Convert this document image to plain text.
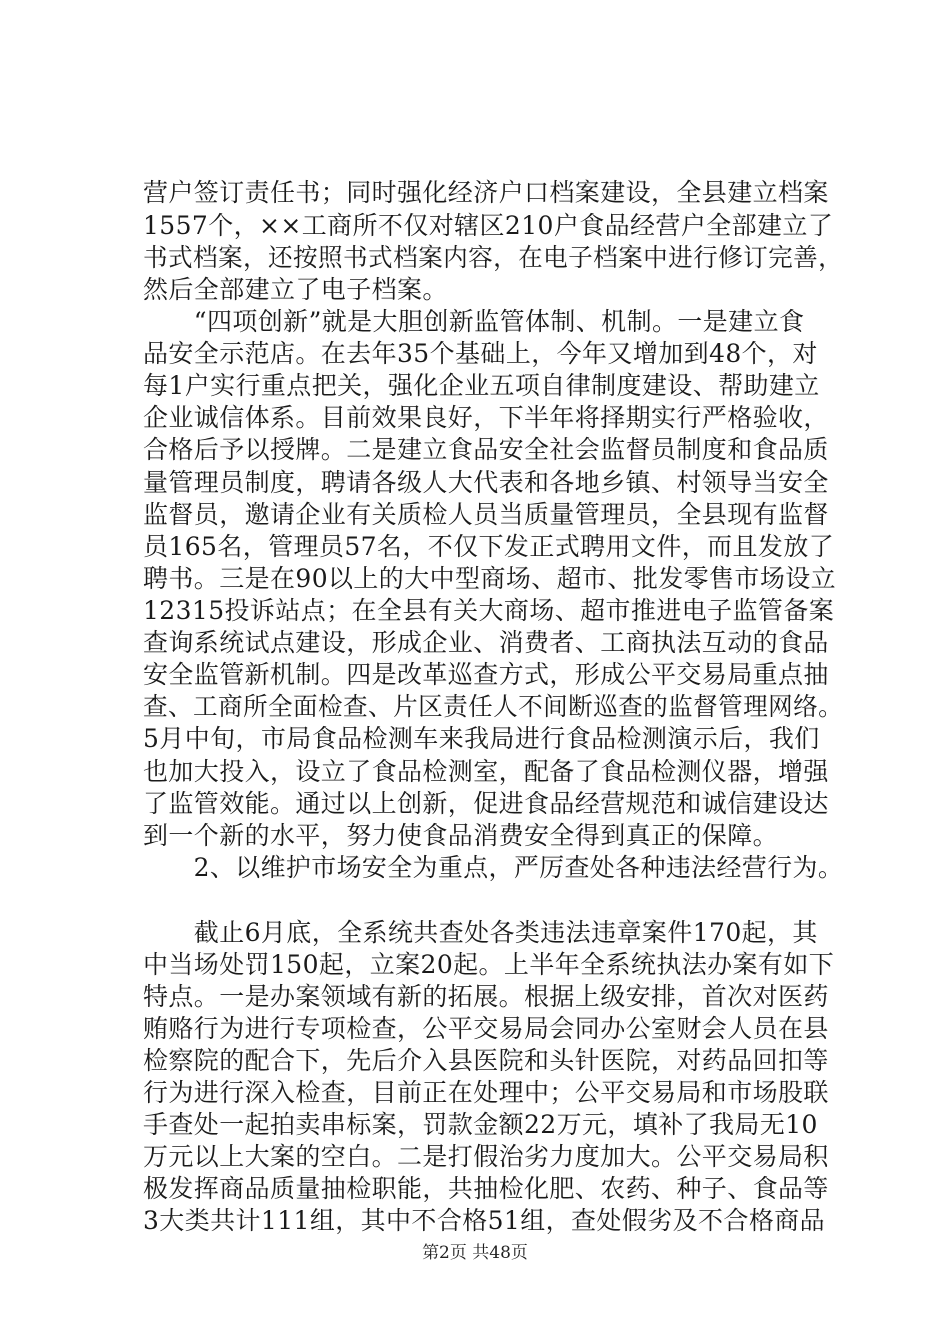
营户签订责任书；同时强化经济户口档案建设，全县建立档案
1557个，××工商所不仅对辖区210户食品经营户全部建立了
书式档案，还按照书式档案内容，在电子档案中进行修订完善，
然后全部建立了电子档案。
　　“四项创新”就是大胆创新监管体制、机制。一是建立食
品安全示范店。在去年35个基础上，今年又增加到48个，对
每1户实行重点把关，强化企业五项自律制度建设、帮助建立
企业诚信体系。目前效果良好，下半年将择期实行严格验收，
合格后予以授牌。二是建立食品安全社会监督员制度和食品质
量管理员制度，聘请各级人大代表和各地乡镇、村领导当安全
监督员，邀请企业有关质检人员当质量管理员，全县现有监督
员165名，管理员57名，不仅下发正式聘用文件，而且发放了
聘书。三是在90以上的大中型商场、超市、批发零售市场设立
12315投诉站点；在全县有关大商场、超市推进电子监管备案
查询系统试点建设，形成企业、消费者、工商执法互动的食品
安全监管新机制。四是改革巡查方式，形成公平交易局重点抽
查、工商所全面检查、片区责任人不间断巡查的监督管理网络。
5月中旬，市局食品检测车来我局进行食品检测演示后，我们
也加大投入，设立了食品检测室，配备了食品检测仪器，增强
了监管效能。通过以上创新，促进食品经营规范和诚信建设达
到一个新的水平，努力使食品消费安全得到真正的保障。
　　2、以维护市场安全为重点，严厉查处各种违法经营行为。
　　截止6月底，全系统共查处各类违法违章案件170起，其
中当场处罚150起，立案20起。上半年全系统执法办案有如下
特点。一是办案领域有新的拓展。根据上级安排，首次对医药
贿赂行为进行专项检查，公平交易局会同办公室财会人员在县
检察院的配合下，先后介入县医院和头针医院，对药品回扣等
行为进行深入检查，目前正在处理中；公平交易局和市场股联
手查处一起拍卖串标案，罚款金额22万元，填补了我局无10
万元以上大案的空白。二是打假治劣力度加大。公平交易局积
极发挥商品质量抽检职能，共抽检化肥、农药、种子、食品等
3大类共计111组，其中不合格51组，查处假劣及不合格商品
第2页 共48页
